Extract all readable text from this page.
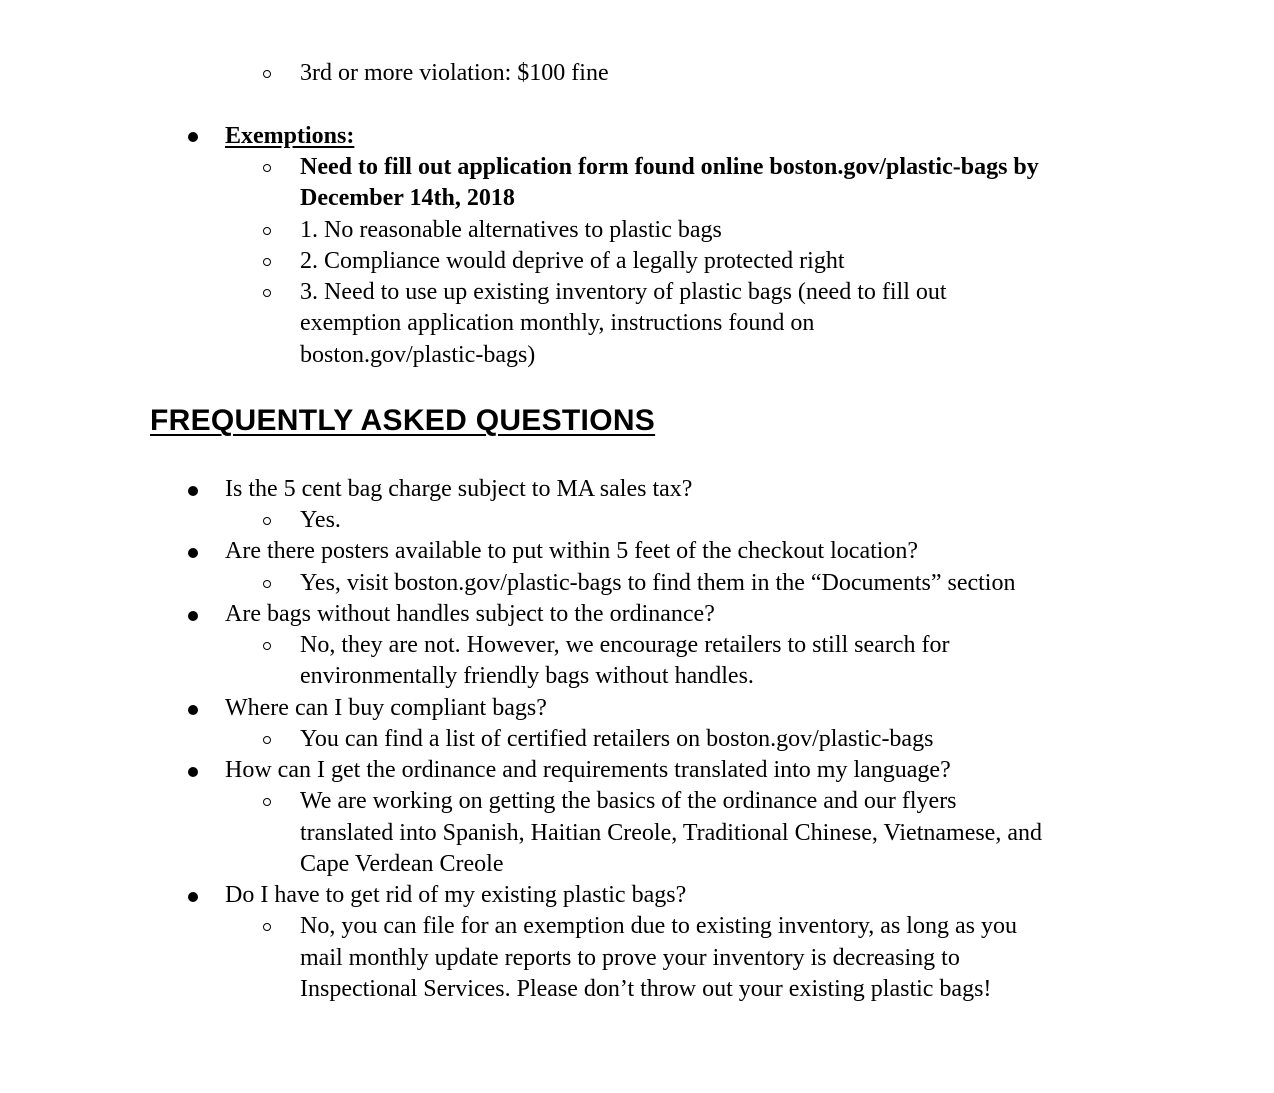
3rd or more violation: $100 fine
Exemptions:
Need to fill out application form found online boston.gov/plastic-bags by
December 14th, 2018
1. No reasonable alternatives to plastic bags
2. Compliance would deprive of a legally protected right
3. Need to use up existing inventory of plastic bags (need to fill out
exemption application monthly, instructions found on
boston.gov/plastic-bags)
FREQUENTLY ASKED QUESTIONS
Is the 5 cent bag charge subject to MA sales tax?
Yes.
Are there posters available to put within 5 feet of the checkout location?
Yes, visit boston.gov/plastic-bags to find them in the “Documents” section
Are bags without handles subject to the ordinance?
No, they are not. However, we encourage retailers to still search for
environmentally friendly bags without handles.
Where can I buy compliant bags?
You can find a list of certified retailers on boston.gov/plastic-bags
How can I get the ordinance and requirements translated into my language?
We are working on getting the basics of the ordinance and our flyers
translated into Spanish, Haitian Creole, Traditional Chinese, Vietnamese, and
Cape Verdean Creole
Do I have to get rid of my existing plastic bags?
No, you can file for an exemption due to existing inventory, as long as you
mail monthly update reports to prove your inventory is decreasing to
Inspectional Services. Please don’t throw out your existing plastic bags!
